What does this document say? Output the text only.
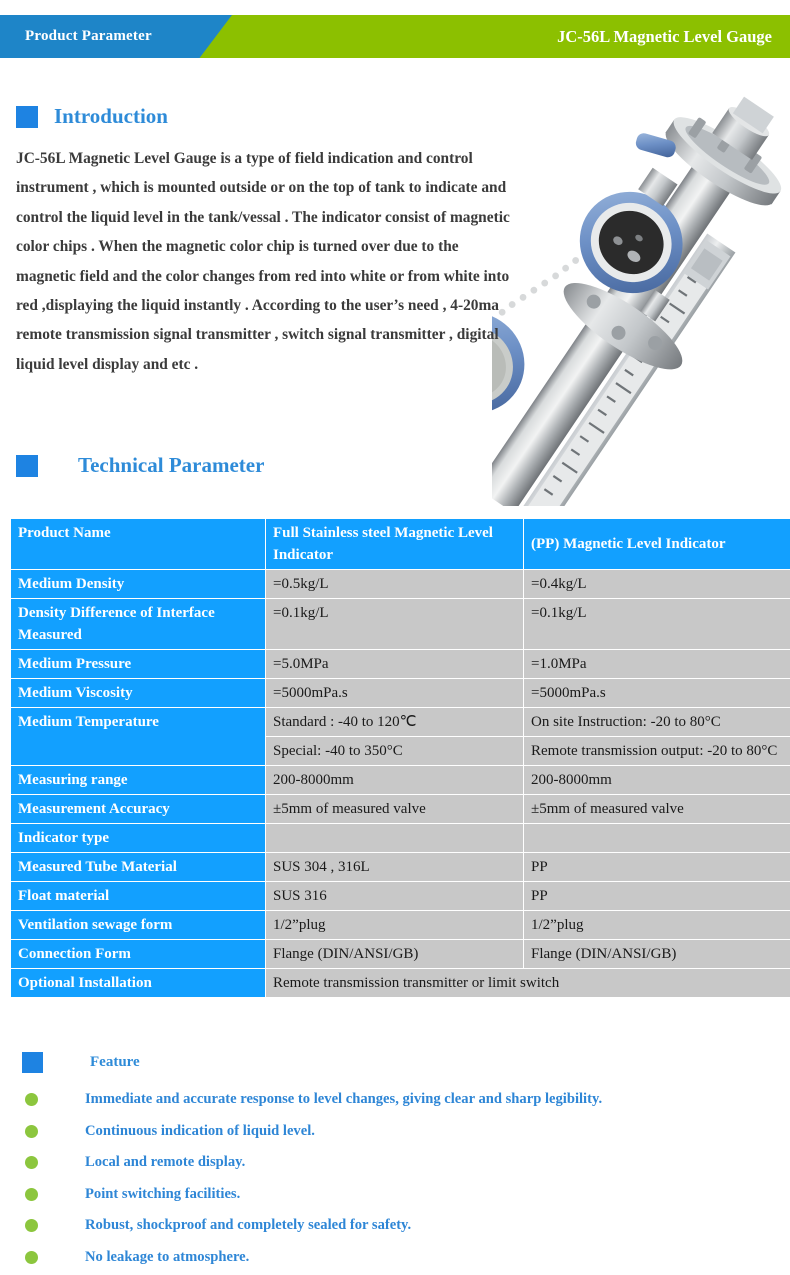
Product Parameter	JC-56L Magnetic Level Gauge
Introduction
JC-56L Magnetic Level Gauge is a type of field indication and control instrument , which is mounted outside or on the top of tank to indicate and control the liquid level in the tank/vessal . The indicator consist of magnetic color chips . When the magnetic color chip is turned over due to the magnetic field and the color changes from red into white or from white into red ,displaying the liquid instantly . According to the user’s need , 4-20ma remote transmission signal transmitter , switch signal transmitter , digital liquid level display and etc .
Technical Parameter
Product Name	Full Stainless steel Magnetic Level Indicator	(PP) Magnetic Level Indicator
Medium Density	=0.5kg/L	=0.4kg/L
Density Difference of Interface Measured	=0.1kg/L	=0.1kg/L
Medium Pressure	=5.0MPa	=1.0MPa
Medium Viscosity	=5000mPa.s	=5000mPa.s
Medium Temperature	Standard : -40 to 120℃	On site Instruction: -20 to 80°C
	Special: -40 to 350°C	Remote transmission output: -20 to 80°C
Measuring range	200-8000mm	200-8000mm
Measurement Accuracy	±5mm of measured valve	±5mm of measured valve
Indicator type		
Measured Tube Material	SUS 304 , 316L	PP
Float material	SUS 316	PP
Ventilation sewage form	1/2”plug	1/2”plug
Connection Form	Flange (DIN/ANSI/GB)	Flange (DIN/ANSI/GB)
Optional Installation	Remote transmission transmitter or limit switch	
Feature
Immediate and accurate response to level changes, giving clear and sharp legibility.
Continuous indication of liquid level.
Local and remote display.
Point switching facilities.
Robust, shockproof and completely sealed for safety.
No leakage to atmosphere.
